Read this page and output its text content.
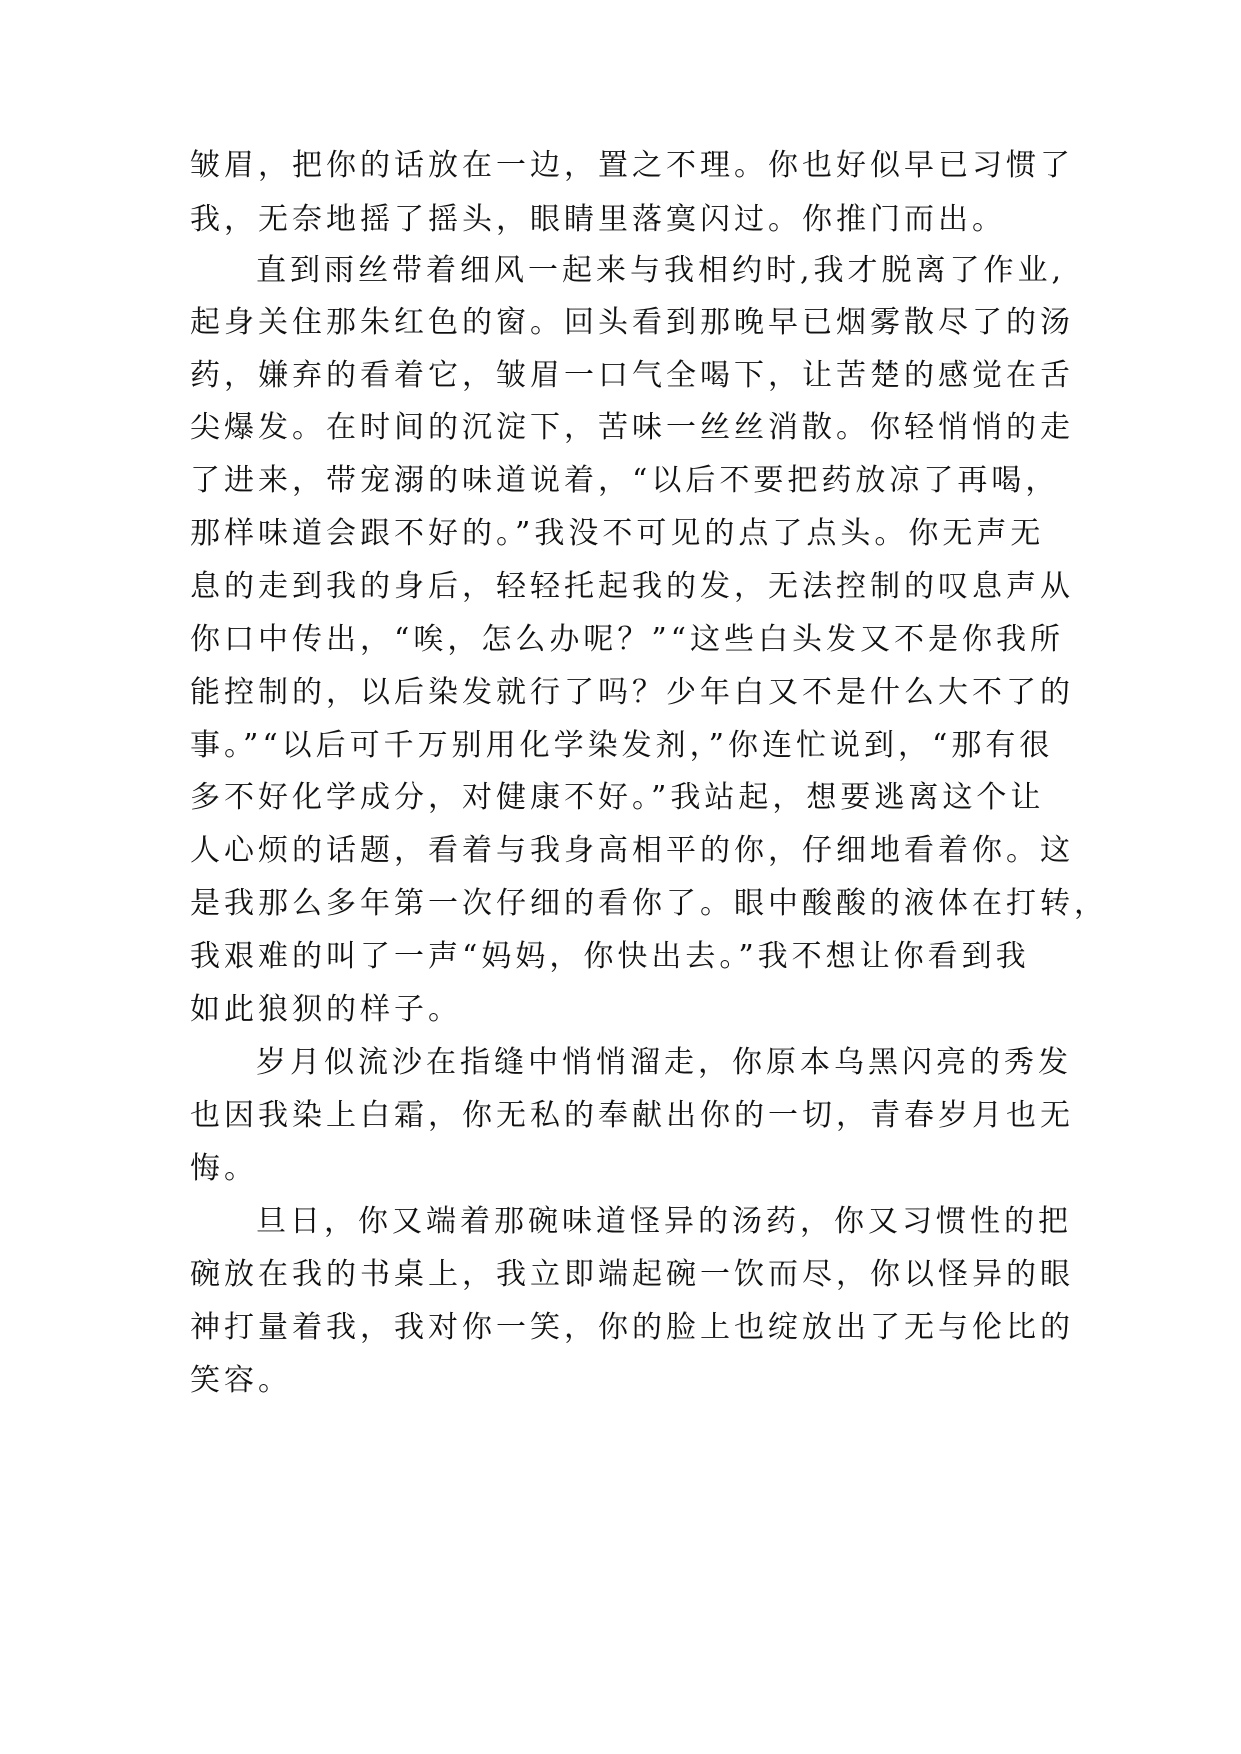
皱眉，把你的话放在一边，置之不理。你也好似早已习惯了
我，无奈地摇了摇头，眼睛里落寞闪过。你推门而出。
直到雨丝带着细风一起来与我相约时,我才脱离了作业,
起身关住那朱红色的窗。回头看到那晚早已烟雾散尽了的汤
药，嫌弃的看着它，皱眉一口气全喝下，让苦楚的感觉在舌
尖爆发。在时间的沉淀下，苦味一丝丝消散。你轻悄悄的走
了进来，带宠溺的味道说着，“以后不要把药放凉了再喝，
那样味道会跟不好的。”我没不可见的点了点头。你无声无
息的走到我的身后，轻轻托起我的发，无法控制的叹息声从
你口中传出，“唉，怎么办呢？”“这些白头发又不是你我所
能控制的，以后染发就行了吗？少年白又不是什么大不了的
事。”“以后可千万别用化学染发剂，”你连忙说到，“那有很
多不好化学成分，对健康不好。”我站起，想要逃离这个让
人心烦的话题，看着与我身高相平的你，仔细地看着你。这
是我那么多年第一次仔细的看你了。眼中酸酸的液体在打转，
我艰难的叫了一声“妈妈，你快出去。”我不想让你看到我
如此狼狈的样子。
岁月似流沙在指缝中悄悄溜走，你原本乌黑闪亮的秀发
也因我染上白霜，你无私的奉献出你的一切，青春岁月也无
悔。
旦日，你又端着那碗味道怪异的汤药，你又习惯性的把
碗放在我的书桌上，我立即端起碗一饮而尽，你以怪异的眼
神打量着我，我对你一笑，你的脸上也绽放出了无与伦比的
笑容。
